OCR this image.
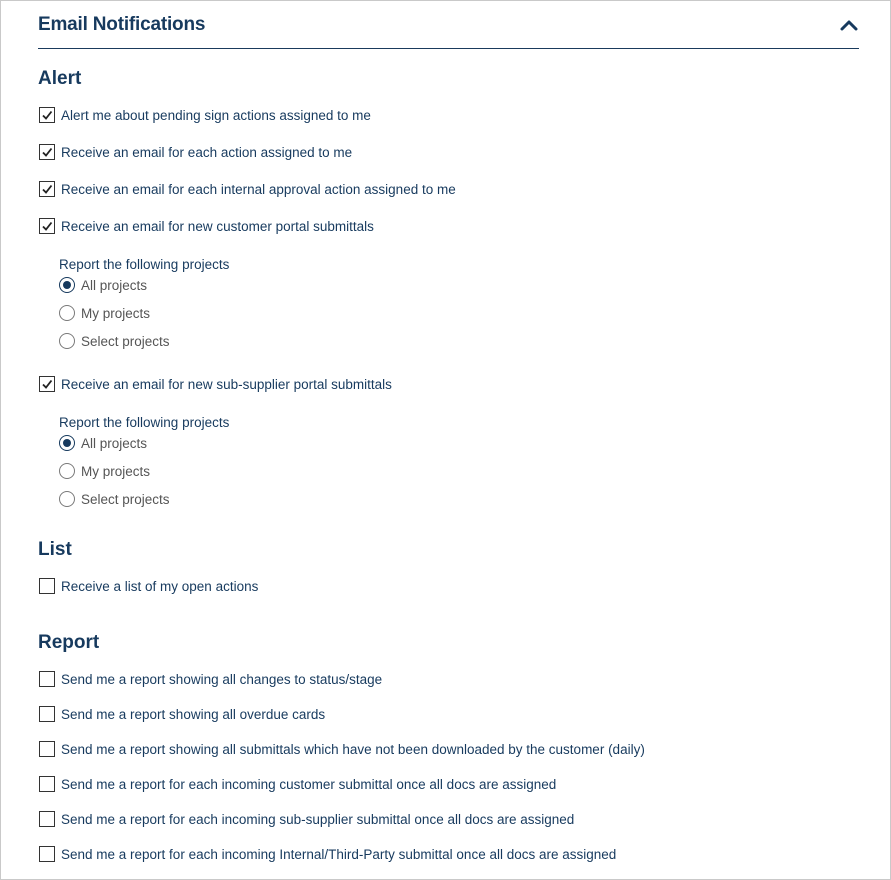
Email Notifications
Alert
Alert me about pending sign actions assigned to me
Receive an email for each action assigned to me
Receive an email for each internal approval action assigned to me
Receive an email for new customer portal submittals
Report the following projects
All projects
My projects
Select projects
Receive an email for new sub-supplier portal submittals
Report the following projects
All projects
My projects
Select projects
List
Receive a list of my open actions
Report
Send me a report showing all changes to status/stage
Send me a report showing all overdue cards
Send me a report showing all submittals which have not been downloaded by the customer (daily)
Send me a report for each incoming customer submittal once all docs are assigned
Send me a report for each incoming sub-supplier submittal once all docs are assigned
Send me a report for each incoming Internal/Third-Party submittal once all docs are assigned
